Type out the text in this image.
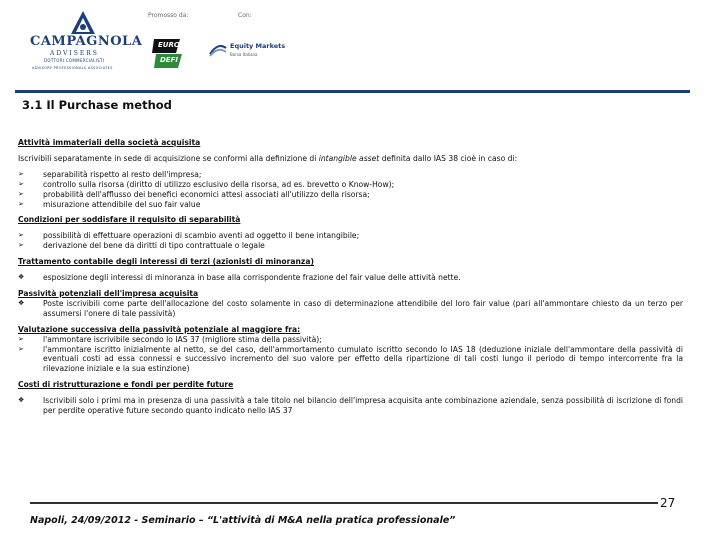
Promosso da:	Con:
CAMPAGNOLA
ADVISERS
DOTTORI COMMERCIALISTI
ADVISORY PROFESSIONALS ASSOCIATES
EURO
DEFI
Equity Markets
Borsa Italiana
3.1 Il Purchase method

Attività immateriali della società acquisita

Iscrivibili separatamente in sede di acquisizione se conformi alla definizione di intangible asset definita dallo IAS 38 cioè in caso di:

➢	separabilità rispetto al resto dell'impresa;
➢	controllo sulla risorsa (diritto di utilizzo esclusivo della risorsa, ad es. brevetto o Know-How);
➢	probabilità dell'afflusso dei benefici economici attesi associati all'utilizzo della risorsa;
➢	misurazione attendibile del suo fair value

Condizioni per soddisfare il requisito di separabilità

➢	possibilità di effettuare operazioni di scambio aventi ad oggetto il bene intangibile;
➢	derivazione del bene da diritti di tipo contrattuale o legale

Trattamento contabile degli interessi di terzi (azionisti di minoranza)

❖	esposizione degli interessi di minoranza in base alla corrispondente frazione del fair value delle attività nette.

Passività potenziali dell'impresa acquisita

❖	Poste iscrivibili come parte dell'allocazione del costo solamente in caso di determinazione attendibile del loro fair value (pari all'ammontare chiesto da un terzo per assumersi l'onere di tale passività)

Valutazione successiva della passività potenziale al maggiore fra:

➢	l'ammontare iscrivibile secondo lo IAS 37 (migliore stima della passività);
➢	l'ammontare iscritto inizialmente al netto, se del caso, dell'ammortamento cumulato iscritto secondo lo IAS 18 (deduzione iniziale dell'ammontare della passività di eventuali costi ad essa connessi e successivo incremento del suo valore per effetto della ripartizione di tali costi lungo il periodo di tempo intercorrente fra la rilevazione iniziale e la sua estinzione)

Costi di ristrutturazione e fondi per perdite future

❖	Iscrivibili solo i primi ma in presenza di una passività a tale titolo nel bilancio dell'impresa acquisita ante combinazione aziendale, senza possibilità di iscrizione di fondi per perdite operative future secondo quanto indicato nello IAS 37
27
Napoli, 24/09/2012 - Seminario – “L'attività di M&A nella pratica professionale”
